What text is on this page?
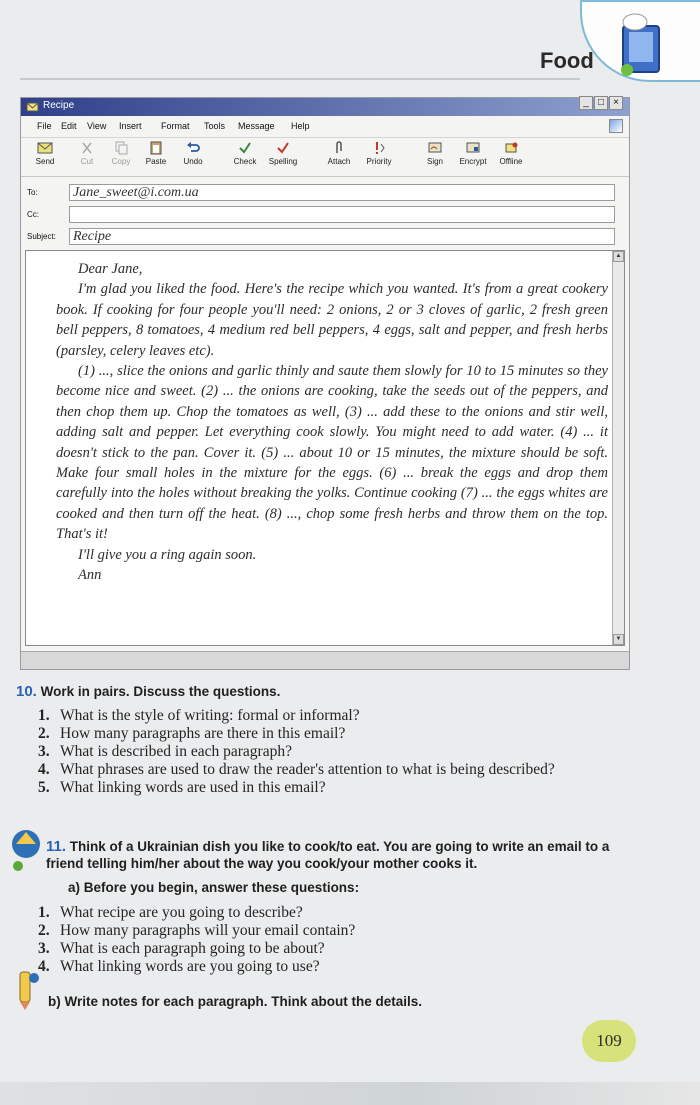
Food
Recipe	_ □ ×
File Edit View Insert Format Tools Message Help
Send	Cut	Copy	Paste	Undo	Check	Spelling	Attach	Priority	Sign	Encrypt	Offline
To:	Jane_sweet@i.com.ua
Cc:
Subject: Recipe

Dear Jane,

I'm glad you liked the food. Here's the recipe which you wanted. It's from a great cookery book. If cooking for four people you'll need: 2 onions, 2 or 3 cloves of garlic, 2 fresh green bell peppers, 8 tomatoes, 4 medium red bell peppers, 4 eggs, salt and pepper, and fresh herbs (parsley, celery leaves etc).

(1) ..., slice the onions and garlic thinly and saute them slowly for 10 to 15 minutes so they become nice and sweet. (2) ... the onions are cooking, take the seeds out of the peppers, and then chop them up. Chop the tomatoes as well, (3) ... add these to the onions and stir well, adding salt and pepper. Let everything cook slowly. You might need to add water. (4) ... it doesn't stick to the pan. Cover it. (5) ... about 10 or 15 minutes, the mixture should be soft. Make four small holes in the mixture for the eggs. (6) ... break the eggs and drop them carefully into the holes without breaking the yolks. Continue cooking (7) ... the eggs whites are cooked and then turn off the heat. (8) ..., chop some fresh herbs and throw them on the top. That's it!

I'll give you a ring again soon.

Ann

▲
▼
10. Work in pairs. Discuss the questions.
1. What is the style of writing: formal or informal?
2. How many paragraphs are there in this email?
3. What is described in each paragraph?
4. What phrases are used to draw the reader's attention to what is being described?
5. What linking words are used in this email?
11. Think of a Ukrainian dish you like to cook/to eat. You are going to write an email to a friend telling him/her about the way you cook/your mother cooks it.
a) Before you begin, answer these questions:
1. What recipe are you going to describe?
2. How many paragraphs will your email contain?
3. What is each paragraph going to be about?
4. What linking words are you going to use?
b) Write notes for each paragraph. Think about the details.
109
